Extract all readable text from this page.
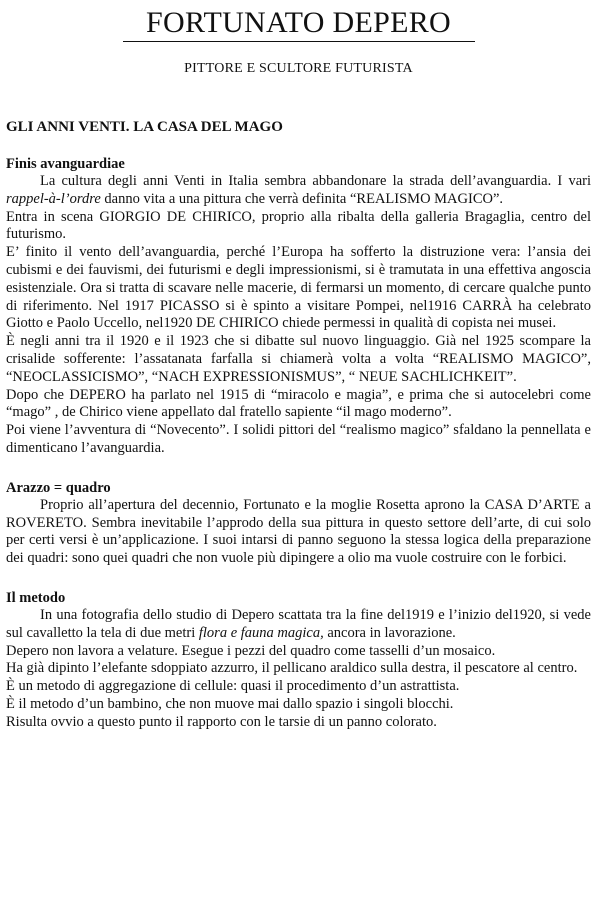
FORTUNATO DEPERO
PITTORE E SCULTORE FUTURISTA
GLI ANNI VENTI. LA CASA DEL MAGO
Finis avanguardiae

La cultura degli anni Venti in Italia sembra abbandonare la strada dell’avanguardia. I vari rappel-à-l’ordre danno vita a una pittura che verrà definita “REALISMO MAGICO”.

Entra in scena GIORGIO DE CHIRICO, proprio alla ribalta della galleria Bragaglia, centro del futurismo.

E’ finito il vento dell’avanguardia, perché l’Europa ha sofferto la distruzione vera: l’ansia dei cubismi e dei fauvismi, dei futurismi e degli impressionismi, si è tramutata in una effettiva angoscia esistenziale. Ora si tratta di scavare nelle macerie, di fermarsi un momento, di cercare qualche punto di riferimento. Nel 1917 PICASSO si è spinto a visitare Pompei, nel1916 CARRÀ ha celebrato Giotto e Paolo Uccello, nel1920 DE CHIRICO chiede permessi in qualità di copista nei musei.

È negli anni tra il 1920 e il 1923 che si dibatte sul nuovo linguaggio. Già nel 1925 scompare la crisalide sofferente: l’assatanata farfalla si chiamerà volta a volta “REALISMO MAGICO”, “NEOCLASSICISMO”, “NACH EXPRESSIONISMUS”, “ NEUE SACHLICHKEIT”.

Dopo che DEPERO ha parlato nel 1915 di “miracolo e magia”, e prima che si autocelebri come “mago” , de Chirico viene appellato dal fratello sapiente “il mago moderno”.

Poi viene l’avventura di “Novecento”. I solidi pittori del “realismo magico” sfaldano la pennellata e dimenticano l’avanguardia.

Arazzo = quadro

Proprio all’apertura del decennio, Fortunato e la moglie Rosetta aprono la CASA D’ARTE a ROVERETO. Sembra inevitabile l’approdo della sua pittura in questo settore dell’arte, di cui solo per certi versi è un’applicazione. I suoi intarsi di panno seguono la stessa logica della preparazione dei quadri: sono quei quadri che non vuole più dipingere a olio ma vuole costruire con le forbici.

Il metodo

In una fotografia dello studio di Depero scattata tra la fine del1919 e l’inizio del1920, si vede sul cavalletto la tela di due metri flora e fauna magica, ancora in lavorazione.

Depero non lavora a velature. Esegue i pezzi del quadro come tasselli d’un mosaico.

Ha già dipinto l’elefante sdoppiato azzurro, il pellicano araldico sulla destra, il pescatore al centro.

È un metodo di aggregazione di cellule: quasi il procedimento d’un astrattista.

È il metodo d’un bambino, che non muove mai dallo spazio i singoli blocchi.

Risulta ovvio a questo punto il rapporto con le tarsie di un panno colorato.
